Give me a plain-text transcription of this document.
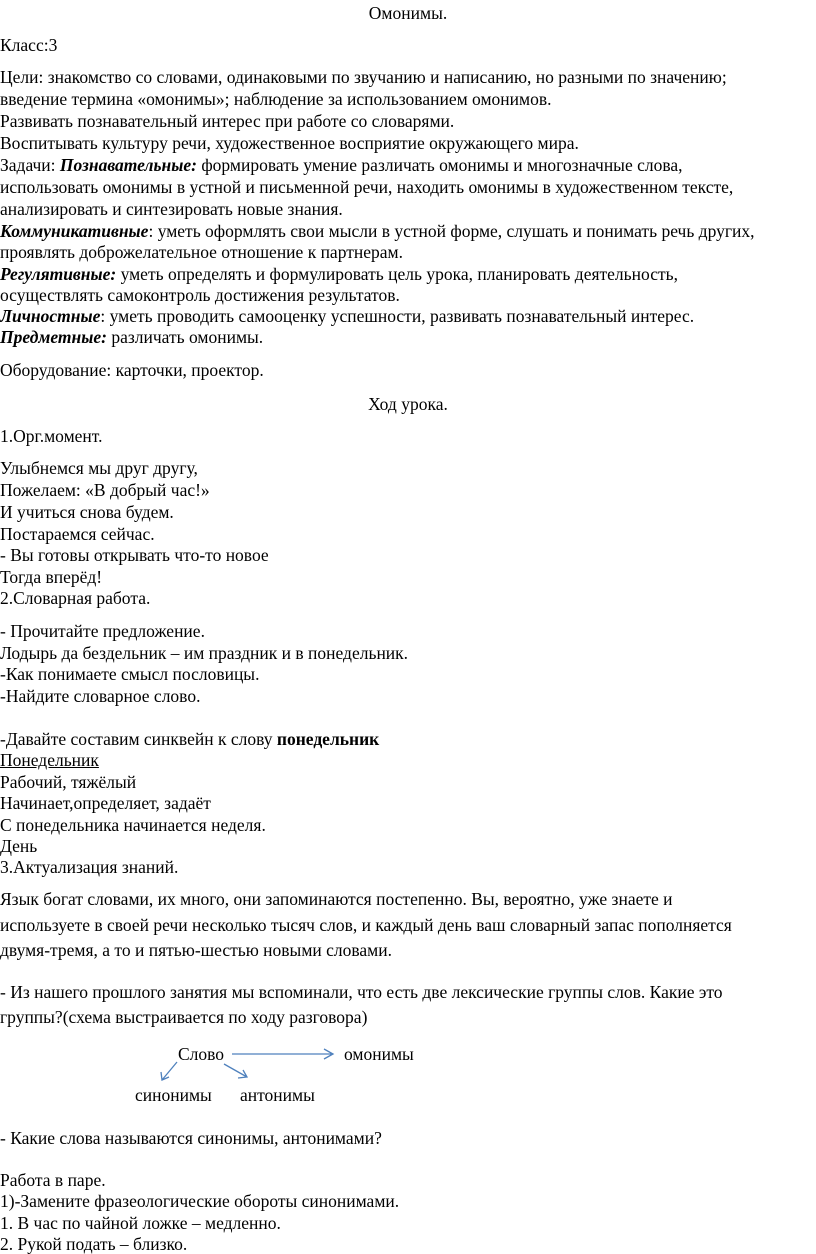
Омонимы.
Класс:3
Цели: знакомство со словами, одинаковыми по звучанию и написанию, но разными по значению;
введение термина «омонимы»; наблюдение за использованием омонимов.
Развивать познавательный интерес при работе со словарями.
Воспитывать культуру речи, художественное восприятие окружающего мира.
Задачи: Познавательные: формировать умение различать омонимы и многозначные слова,
использовать омонимы в устной и письменной речи, находить омонимы в художественном тексте,
анализировать и синтезировать новые знания.
Коммуникативные: уметь оформлять свои мысли в устной форме, слушать и понимать речь других,
проявлять доброжелательное отношение к партнерам.
Регулятивные: уметь определять и формулировать цель урока, планировать деятельность,
осуществлять самоконтроль достижения результатов.
Личностные: уметь проводить самооценку успешности, развивать познавательный интерес.
Предметные: различать омонимы.
Оборудование: карточки, проектор.
Ход урока.
1.Орг.момент.
Улыбнемся мы друг другу,
Пожелаем: «В добрый час!»
И учиться снова будем.
Постараемся сейчас.
- Вы готовы открывать что-то новое
Тогда вперёд!
2.Словарная работа.
- Прочитайте предложение.
Лодырь да бездельник – им праздник и в понедельник.
-Как понимаете смысл пословицы.
-Найдите словарное слово.
-Давайте составим синквейн к слову понедельник
Понедельник
Рабочий, тяжёлый
Начинает,определяет, задаёт
С понедельника начинается неделя.
День
3.Актуализация знаний.
Язык богат словами, их много, они запоминаются постепенно. Вы, вероятно, уже знаете и
используете в своей речи несколько тысяч слов, и каждый день ваш словарный запас пополняется
двумя-тремя, а то и пятью-шестью новыми словами.
- Из нашего прошлого занятия мы вспоминали, что есть две лексические группы слов. Какие это
группы?(схема выстраивается по ходу разговора)
Слово	омонимы
синонимы антонимы
- Какие слова называются синонимы, антонимами?
Работа в паре.
1)-Замените фразеологические обороты синонимами.
1. В час по чайной ложке – медленно.
2. Рукой подать – близко.
